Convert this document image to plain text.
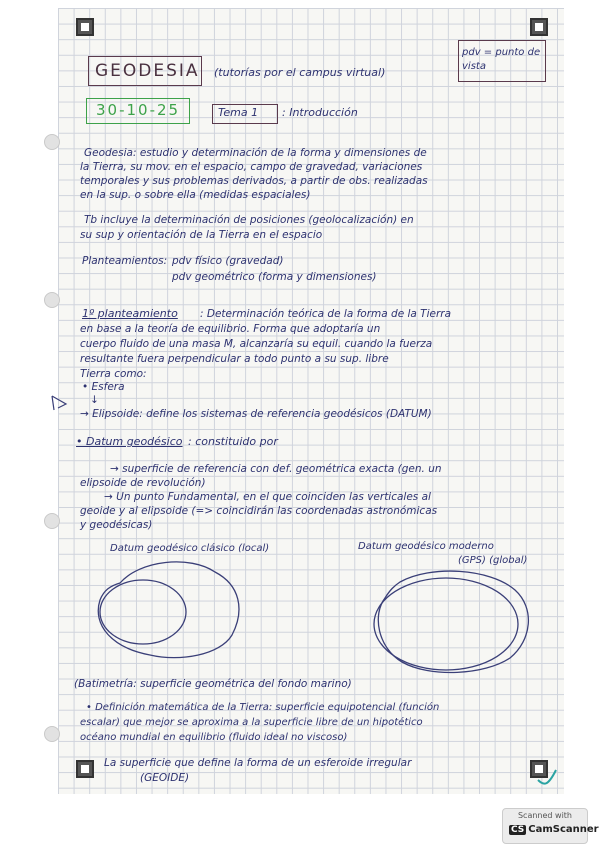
GEODESIA (tutorías por el campus virtual)
pdv = punto de vista
30-10-25	Tema 1 : Introducción
Geodesia: estudio y determinación de la forma y dimensiones de
la Tierra, su mov. en el espacio, campo de gravedad, variaciones
temporales y sus problemas derivados, a partir de obs. realizadas
en la sup. o sobre ella (medidas espaciales)
Tb incluye la determinación de posiciones (geolocalización) en
su sup y orientación de la Tierra en el espacio
Planteamientos: pdv físico (gravedad)
pdv geométrico (forma y dimensiones)
1º planteamiento : Determinación teórica de la forma de la Tierra
en base a la teoría de equilibrio. Forma que adoptaría un
cuerpo fluido de una masa M, alcanzaría su equil. cuando la fuerza
resultante fuera perpendicular a todo punto a su sup. libre
Tierra como:
• Esfera
↓
→ Elipsoide: define los sistemas de referencia geodésicos (DATUM)
• Datum geodésico : constituido por
→ superficie de referencia con def. geométrica exacta (gen. un
elipsoide de revolución)
→ Un punto Fundamental, en el que coinciden las verticales al
geoide y al elipsoide (=> coincidirán las coordenadas astronómicas
y geodésicas)
Datum geodésico clásico (local)	Datum geodésico moderno
(GPS) (global)
(Batimetría: superficie geométrica del fondo marino)
• Definición matemática de la Tierra: superficie equipotencial (función
escalar) que mejor se aproxima a la superficie libre de un hipotético
océano mundial en equilibrio (fluido ideal no viscoso)
La superficie que define la forma de un esferoide irregular
(GEOIDE)
Scanned with
CS CamScanner
